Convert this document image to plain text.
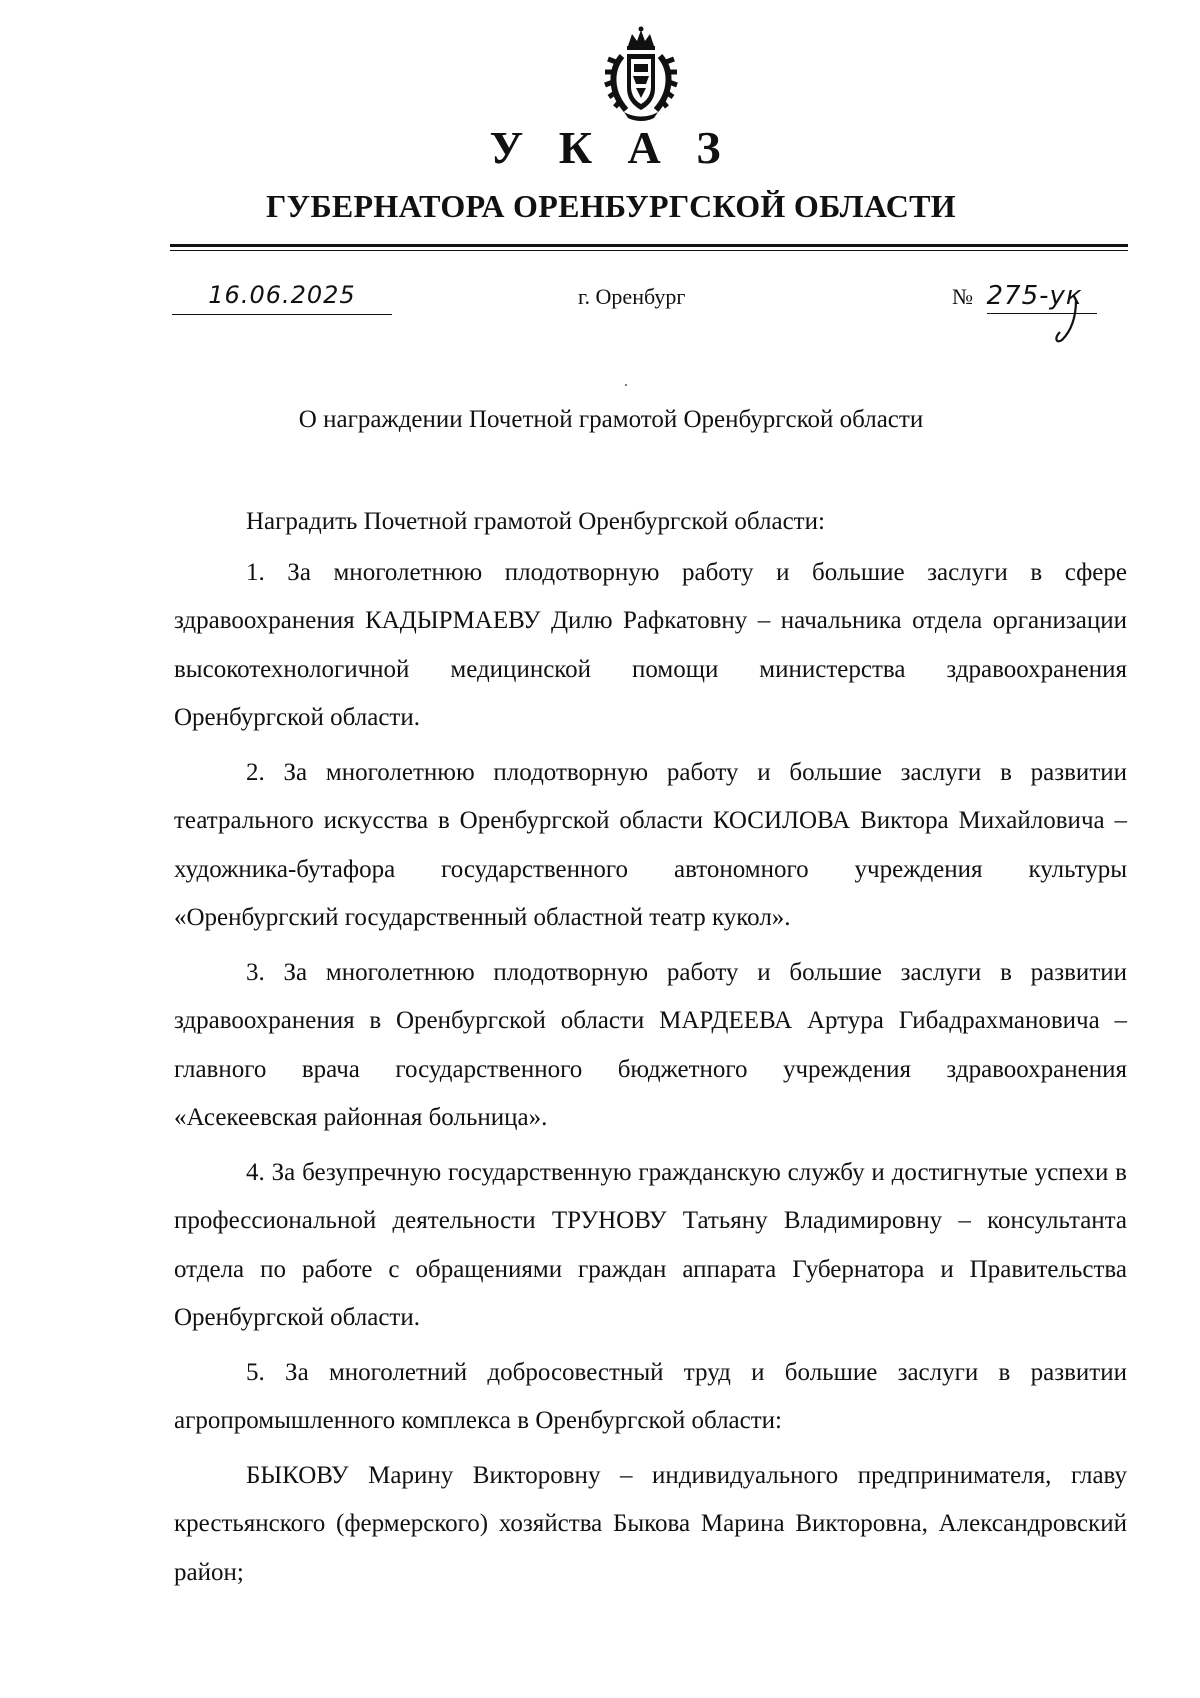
У К А З
ГУБЕРНАТОРА ОРЕНБУРГСКОЙ ОБЛАСТИ
16.06.2025	г. Оренбург	№ 275-ук
О награждении Почетной грамотой Оренбургской области

Наградить Почетной грамотой Оренбургской области:

1. За многолетнюю плодотворную работу и большие заслуги в сфере здравоохранения КАДЫРМАЕВУ Дилю Рафкатовну – начальника отдела организации высокотехнологичной медицинской помощи министерства здравоохранения Оренбургской области.

2. За многолетнюю плодотворную работу и большие заслуги в развитии театрального искусства в Оренбургской области КОСИЛОВА Виктора Михайловича – художника-бутафора государственного автономного учреждения культуры «Оренбургский государственный областной театр кукол».

3. За многолетнюю плодотворную работу и большие заслуги в развитии здравоохранения в Оренбургской области МАРДЕЕВА Артура Гибадрахмановича – главного врача государственного бюджетного учреждения здравоохранения «Асекеевская районная больница».

4. За безупречную государственную гражданскую службу и достигнутые успехи в профессиональной деятельности ТРУНОВУ Татьяну Владимировну – консультанта отдела по работе с обращениями граждан аппарата Губернатора и Правительства Оренбургской области.

5. За многолетний добросовестный труд и большие заслуги в развитии агропромышленного комплекса в Оренбургской области:

БЫКОВУ Марину Викторовну – индивидуального предпринимателя, главу крестьянского (фермерского) хозяйства Быкова Марина Викторовна, Александровский район;
